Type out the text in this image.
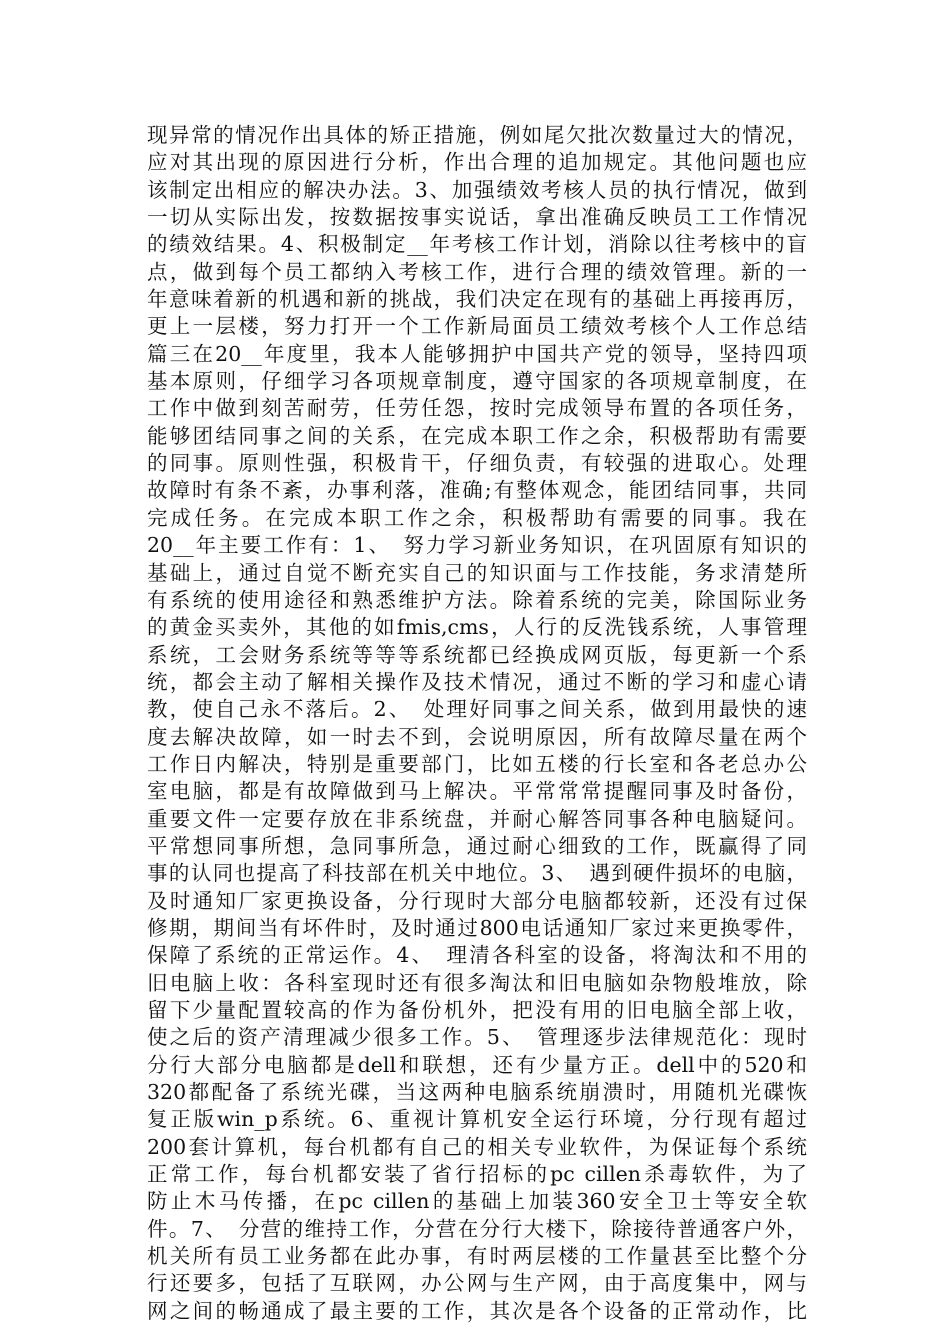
现异常的情况作出具体的矫正措施，例如尾欠批次数量过大的情况，
应对其出现的原因进行分析，作出合理的追加规定。其他问题也应
该制定出相应的解决办法。3、加强绩效考核人员的执行情况，做到
一切从实际出发，按数据按事实说话，拿出准确反映员工工作情况
的绩效结果。4、积极制定__年考核工作计划，消除以往考核中的盲
点，做到每个员工都纳入考核工作，进行合理的绩效管理。新的一
年意味着新的机遇和新的挑战，我们决定在现有的基础上再接再厉，
更上一层楼，努力打开一个工作新局面员工绩效考核个人工作总结
篇三在20__年度里，我本人能够拥护中国共产党的领导，坚持四项
基本原则，仔细学习各项规章制度，遵守国家的各项规章制度，在
工作中做到刻苦耐劳，任劳任怨，按时完成领导布置的各项任务，
能够团结同事之间的关系，在完成本职工作之余，积极帮助有需要
的同事。原则性强，积极肯干，仔细负责，有较强的进取心。处理
故障时有条不紊，办事利落，准确;有整体观念，能团结同事，共同
完成任务。在完成本职工作之余，积极帮助有需要的同事。我在
20__年主要工作有：1、　努力学习新业务知识，在巩固原有知识的
基础上，通过自觉不断充实自己的知识面与工作技能，务求清楚所
有系统的使用途径和熟悉维护方法。除着系统的完美，除国际业务
的黄金买卖外，其他的如fmis,cms，人行的反洗钱系统，人事管理
系统，工会财务系统等等等系统都已经换成网页版，每更新一个系
统，都会主动了解相关操作及技术情况，通过不断的学习和虚心请
教，使自己永不落后。2、　处理好同事之间关系，做到用最快的速
度去解决故障，如一时去不到，会说明原因，所有故障尽量在两个
工作日内解决，特别是重要部门，比如五楼的行长室和各老总办公
室电脑，都是有故障做到马上解决。平常常常提醒同事及时备份，
重要文件一定要存放在非系统盘，并耐心解答同事各种电脑疑问。
平常想同事所想，急同事所急，通过耐心细致的工作，既赢得了同
事的认同也提高了科技部在机关中地位。3、　遇到硬件损坏的电脑，
及时通知厂家更换设备，分行现时大部分电脑都较新，还没有过保
修期，期间当有坏件时，及时通过800电话通知厂家过来更换零件，
保障了系统的正常运作。4、　理清各科室的设备，将淘汰和不用的
旧电脑上收：各科室现时还有很多淘汰和旧电脑如杂物般堆放，除
留下少量配置较高的作为备份机外，把没有用的旧电脑全部上收，
使之后的资产清理减少很多工作。5、　管理逐步法律规范化：现时
分行大部分电脑都是dell和联想，还有少量方正。dell中的520和
320都配备了系统光碟，当这两种电脑系统崩溃时，用随机光碟恢
复正版win_p系统。6、重视计算机安全运行环境，分行现有超过
200套计算机，每台机都有自己的相关专业软件，为保证每个系统
正常工作，每台机都安装了省行招标的pc cillen杀毒软件，为了
防止木马传播，在pc cillen的基础上加装360安全卫士等安全软
件。7、　分营的维持工作，分营在分行大楼下，除接待普通客户外，
机关所有员工业务都在此办事，有时两层楼的工作量甚至比整个分
行还要多，包括了互联网，办公网与生产网，由于高度集中，网与
网之间的畅通成了最主要的工作，其次是各个设备的正常动作，比
